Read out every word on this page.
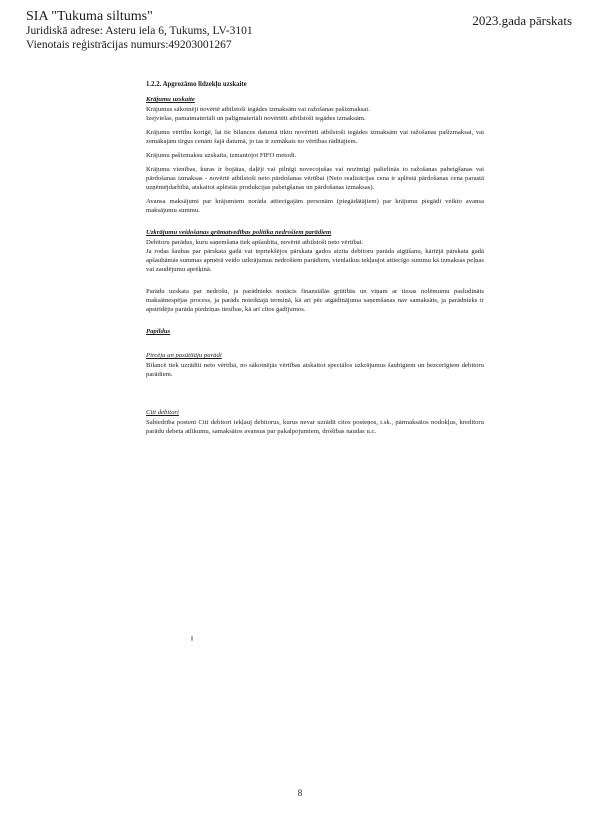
SIA "Tukuma siltums"
Juridiskā adrese: Asteru iela 6, Tukums, LV-3101
Vienotais reģistrācijas numurs:49203001267
2023.gada pārskats

1.2.2. Apgrozāmo līdzekļu uzskaite

Krājumu uzskaite

Krājumus sākotnēji novērtē atbilstoši iegādes izmaksām vai ražošanas pašizmaksai.
Izejvielas, pamatmateriāli un palīgmateriāli novērtēti atbilstoši iegādes izmaksām.

Krājumu vērtību koriģē, lai tie bilances datumā tiktu novērtēti atbilstoši iegādes izmaksām vai ražošanas pašizmaksai, vai zemākajām tirgus cenām šajā datumā, jo tas ir zemākais no vērtības rādītājiem.

Krājumu pašizmaksu uzskaita, izmantojot FIFO metodi.

Krājumu vienības, kuras ir bojātas, daļēji vai pilnīgi novecojušas vai nozīmīgi palielinās to ražošanas pabeigšanas vai pārdošanas izmaksas - novērtē atbilstoši neto pārdošanas vērtībai (Neto realizācijas cena ir aplēstā pārdošanas cena parastā uzņēmējdarbībā, atskaitot aplēstās produkcijas pabeigšanas un pārdošanas izmaksas).

Avansa maksājumi par krājumiem norāda attiecīgajām personām (piegādātājiem) par krājumu piegādi veikto avansa maksājumu summu.

Uzkrājumu veidošanas grāmatvedības politika nedrošiem parādiem

Debitoru parādus, kuru saņemšana tiek apšaubīta, novērtē atbilstoši neto vērtībai.
Ja rodas šaubas par pārskata gadā vai iepriekšējos pārskata gados atzīta debitoru parāda atgūšanu, kārtējā pārskata gadā apšaubāmās summas apmērā veido uzkrājumus nedrošiem parādiem, vienlaikus iekļaujot attiecīgo summu kā izmaksas peļņas vai zaudējumu aprēķinā.

Parādu uzskata par nedrošu, ja parādnieks nonācis finansiālās grūtībās un viņam ar tiesas nolēmumu pasludināts maksātnespējas process, ja parāds noteiktajā termiņā, kā arī pēc atgādinājuma saņemšanas nav samaksāts, ja parādnieks ir apstrīdējis parāda piedziņas tiesības, kā arī citos gadījumos.

Papildus

Pircēju un pasūtītāju parādi

Bilancē tiek uzrādīti neto vērtībā, no sākotnējās vērtības atskaitot speciālos uzkrājumus šaubīgiem un bezcerīgiem debitoru parādiem.

Citi debitori

Sabiedrība postenī Citi debitori iekļauj debitorus, kurus nevar uzrādīt citos posteņos, t.sk., pārmaksātos nodokļus, kreditoru parādu debeta atlikumu, samaksātos avansus par pakalpojumiem, drošības naudas u.c.

8
